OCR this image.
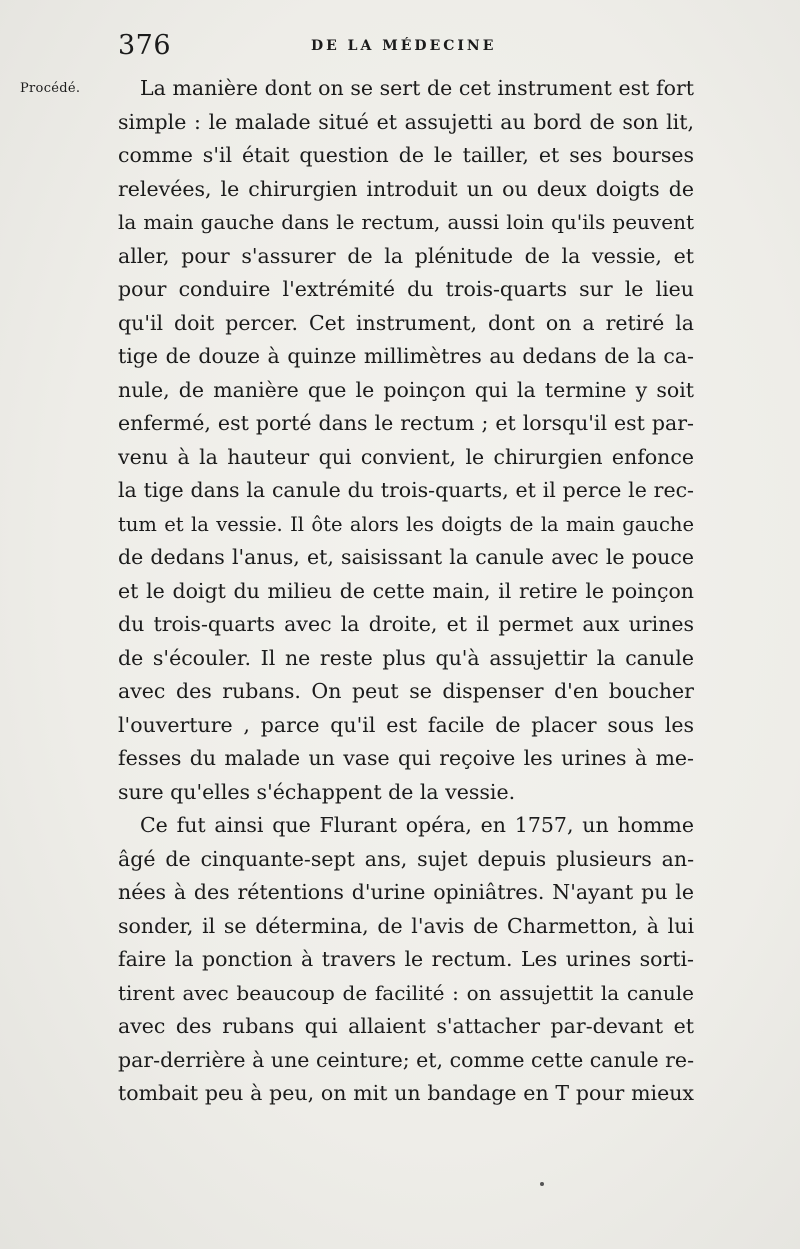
376	DE LA MÉDECINE
Procédé.	La manière dont on se sert de cet instrument est fort
simple : le malade situé et assujetti au bord de son lit,
comme s'il était question de le tailler, et ses bourses
relevées, le chirurgien introduit un ou deux doigts de
la main gauche dans le rectum, aussi loin qu'ils peuvent
aller, pour s'assurer de la plénitude de la vessie, et
pour conduire l'extrémité du trois-quarts sur le lieu
qu'il doit percer. Cet instrument, dont on a retiré la
tige de douze à quinze millimètres au dedans de la ca-
nule, de manière que le poinçon qui la termine y soit
enfermé, est porté dans le rectum ; et lorsqu'il est par-
venu à la hauteur qui convient, le chirurgien enfonce
la tige dans la canule du trois-quarts, et il perce le rec-
tum et la vessie. Il ôte alors les doigts de la main gauche
de dedans l'anus, et, saisissant la canule avec le pouce
et le doigt du milieu de cette main, il retire le poinçon
du trois-quarts avec la droite, et il permet aux urines
de s'écouler. Il ne reste plus qu'à assujettir la canule
avec des rubans. On peut se dispenser d'en boucher
l'ouverture , parce qu'il est facile de placer sous les
fesses du malade un vase qui reçoive les urines à me-
sure qu'elles s'échappent de la vessie.
Ce fut ainsi que Flurant opéra, en 1757, un homme
âgé de cinquante-sept ans, sujet depuis plusieurs an-
nées à des rétentions d'urine opiniâtres. N'ayant pu le
sonder, il se détermina, de l'avis de Charmetton, à lui
faire la ponction à travers le rectum. Les urines sorti-
tirent avec beaucoup de facilité : on assujettit la canule
avec des rubans qui allaient s'attacher par-devant et
par-derrière à une ceinture; et, comme cette canule re-
tombait peu à peu, on mit un bandage en T pour mieux
